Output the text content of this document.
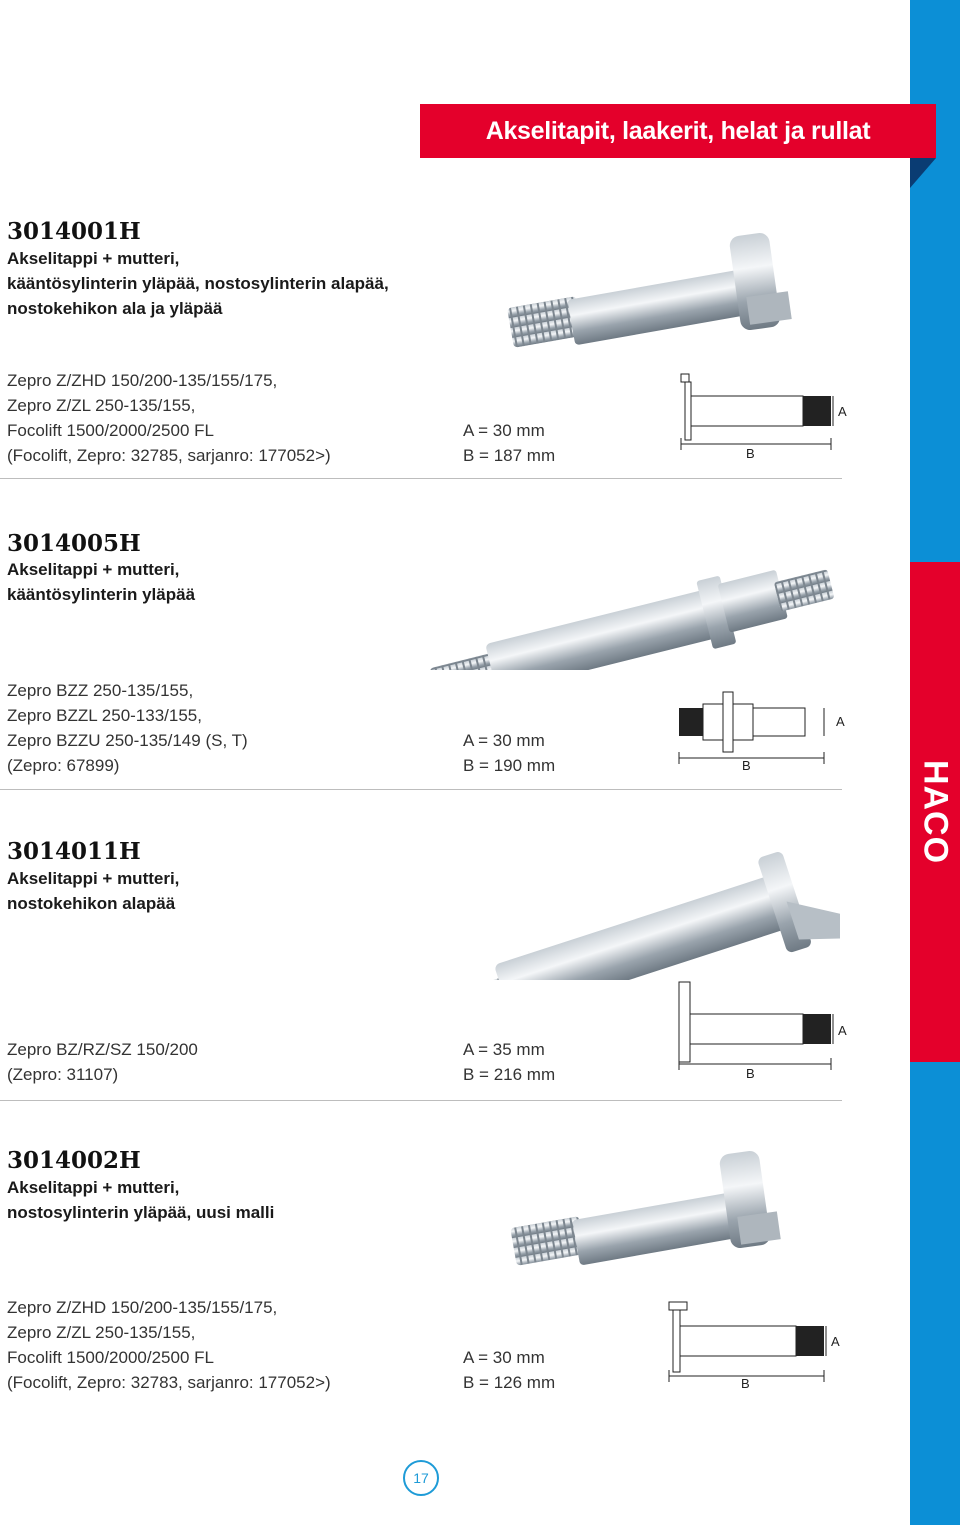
HACO
Akselitapit, laakerit, helat ja rullat
3014001H
Akselitappi + mutteri,
kääntösylinterin yläpää, nostosylinterin alapää,
nostokehikon ala ja yläpää
Zepro Z/ZHD 150/200-135/155/175,
Zepro Z/ZL 250-135/155,
Focolift 1500/2000/2500 FL
(Focolift, Zepro: 32785, sarjanro: 177052>)
A = 30 mm
B = 187 mm	B
A
3014005H
Akselitappi + mutteri,
kääntösylinterin yläpää
Zepro BZZ 250-135/155,
Zepro BZZL 250-133/155,
Zepro BZZU 250-135/149 (S, T)
(Zepro: 67899)
A = 30 mm
B = 190 mm	B
A
3014011H
Akselitappi + mutteri,
nostokehikon alapää
Zepro BZ/RZ/SZ 150/200
(Zepro: 31107)
A = 35 mm
B = 216 mm	B
A
3014002H
Akselitappi + mutteri,
nostosylinterin yläpää, uusi malli
Zepro Z/ZHD 150/200-135/155/175,
Zepro Z/ZL 250-135/155,
Focolift 1500/2000/2500 FL
(Focolift, Zepro: 32783, sarjanro: 177052>)
A = 30 mm
B = 126 mm	B
A
17
